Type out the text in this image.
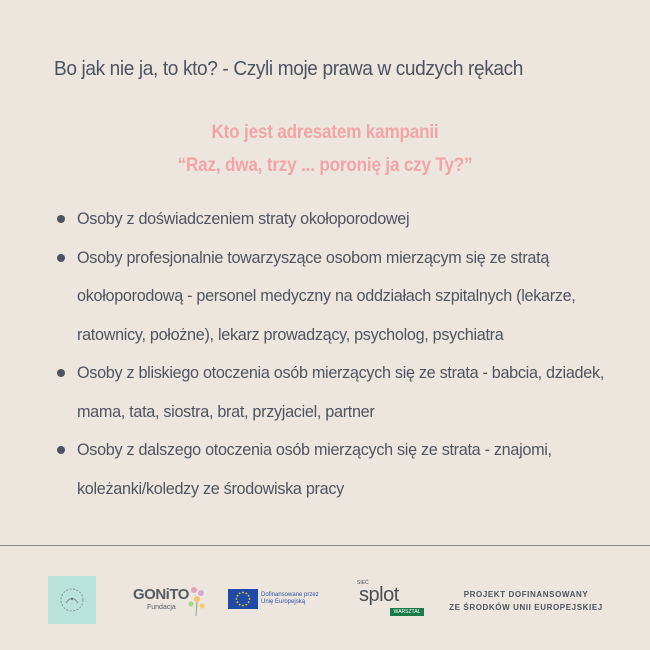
Bo jak nie ja, to kto? - Czyli moje prawa w cudzych rękach
Kto jest adresatem kampanii
“Raz, dwa, trzy ... poronię ja czy Ty?”
Osoby z doświadczeniem straty okołoporodowej
Osoby profesjonalnie towarzyszące osobom mierzącym się ze stratą okołoporodową - personel medyczny na oddziałach szpitalnych (lekarze, ratownicy, położne), lekarz prowadzący, psycholog, psychiatra
Osoby z bliskiego otoczenia osób mierzących się ze strata - babcia, dziadek, mama, tata, siostra, brat, przyjaciel, partner
Osoby z dalszego otoczenia osób mierzących się ze strata - znajomi, koleżanki/koledzy ze środowiska pracy
GONiTO
Fundacja
Dofinansowane przez
Unię Europejską
SIEĆ
splot
WARSZTAŁ
PROJEKT DOFINANSOWANY
ZE ŚRODKÓW UNII EUROPEJSKIEJ
